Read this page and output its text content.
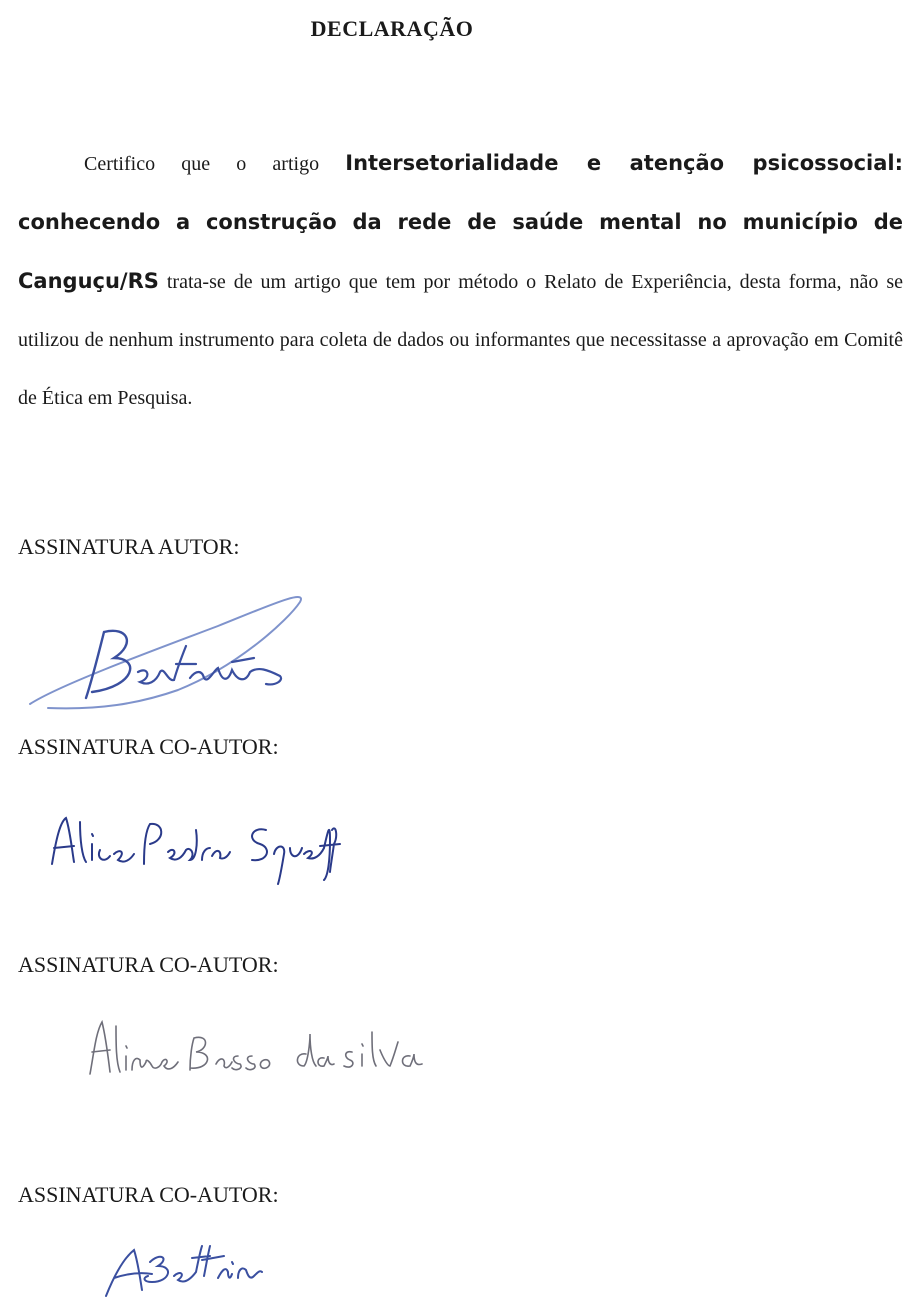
DECLARAÇÃO

Certifico que o artigo Intersetorialidade e atenção psicossocial: conhecendo a construção da rede de saúde mental no município de Canguçu/RS trata-se de um artigo que tem por método o Relato de Experiência, desta forma, não se utilizou de nenhum instrumento para coleta de dados ou informantes que necessitasse a aprovação em Comitê de Ética em Pesquisa.

ASSINATURA AUTOR:

ASSINATURA CO-AUTOR:

ASSINATURA CO-AUTOR:

ASSINATURA CO-AUTOR:
